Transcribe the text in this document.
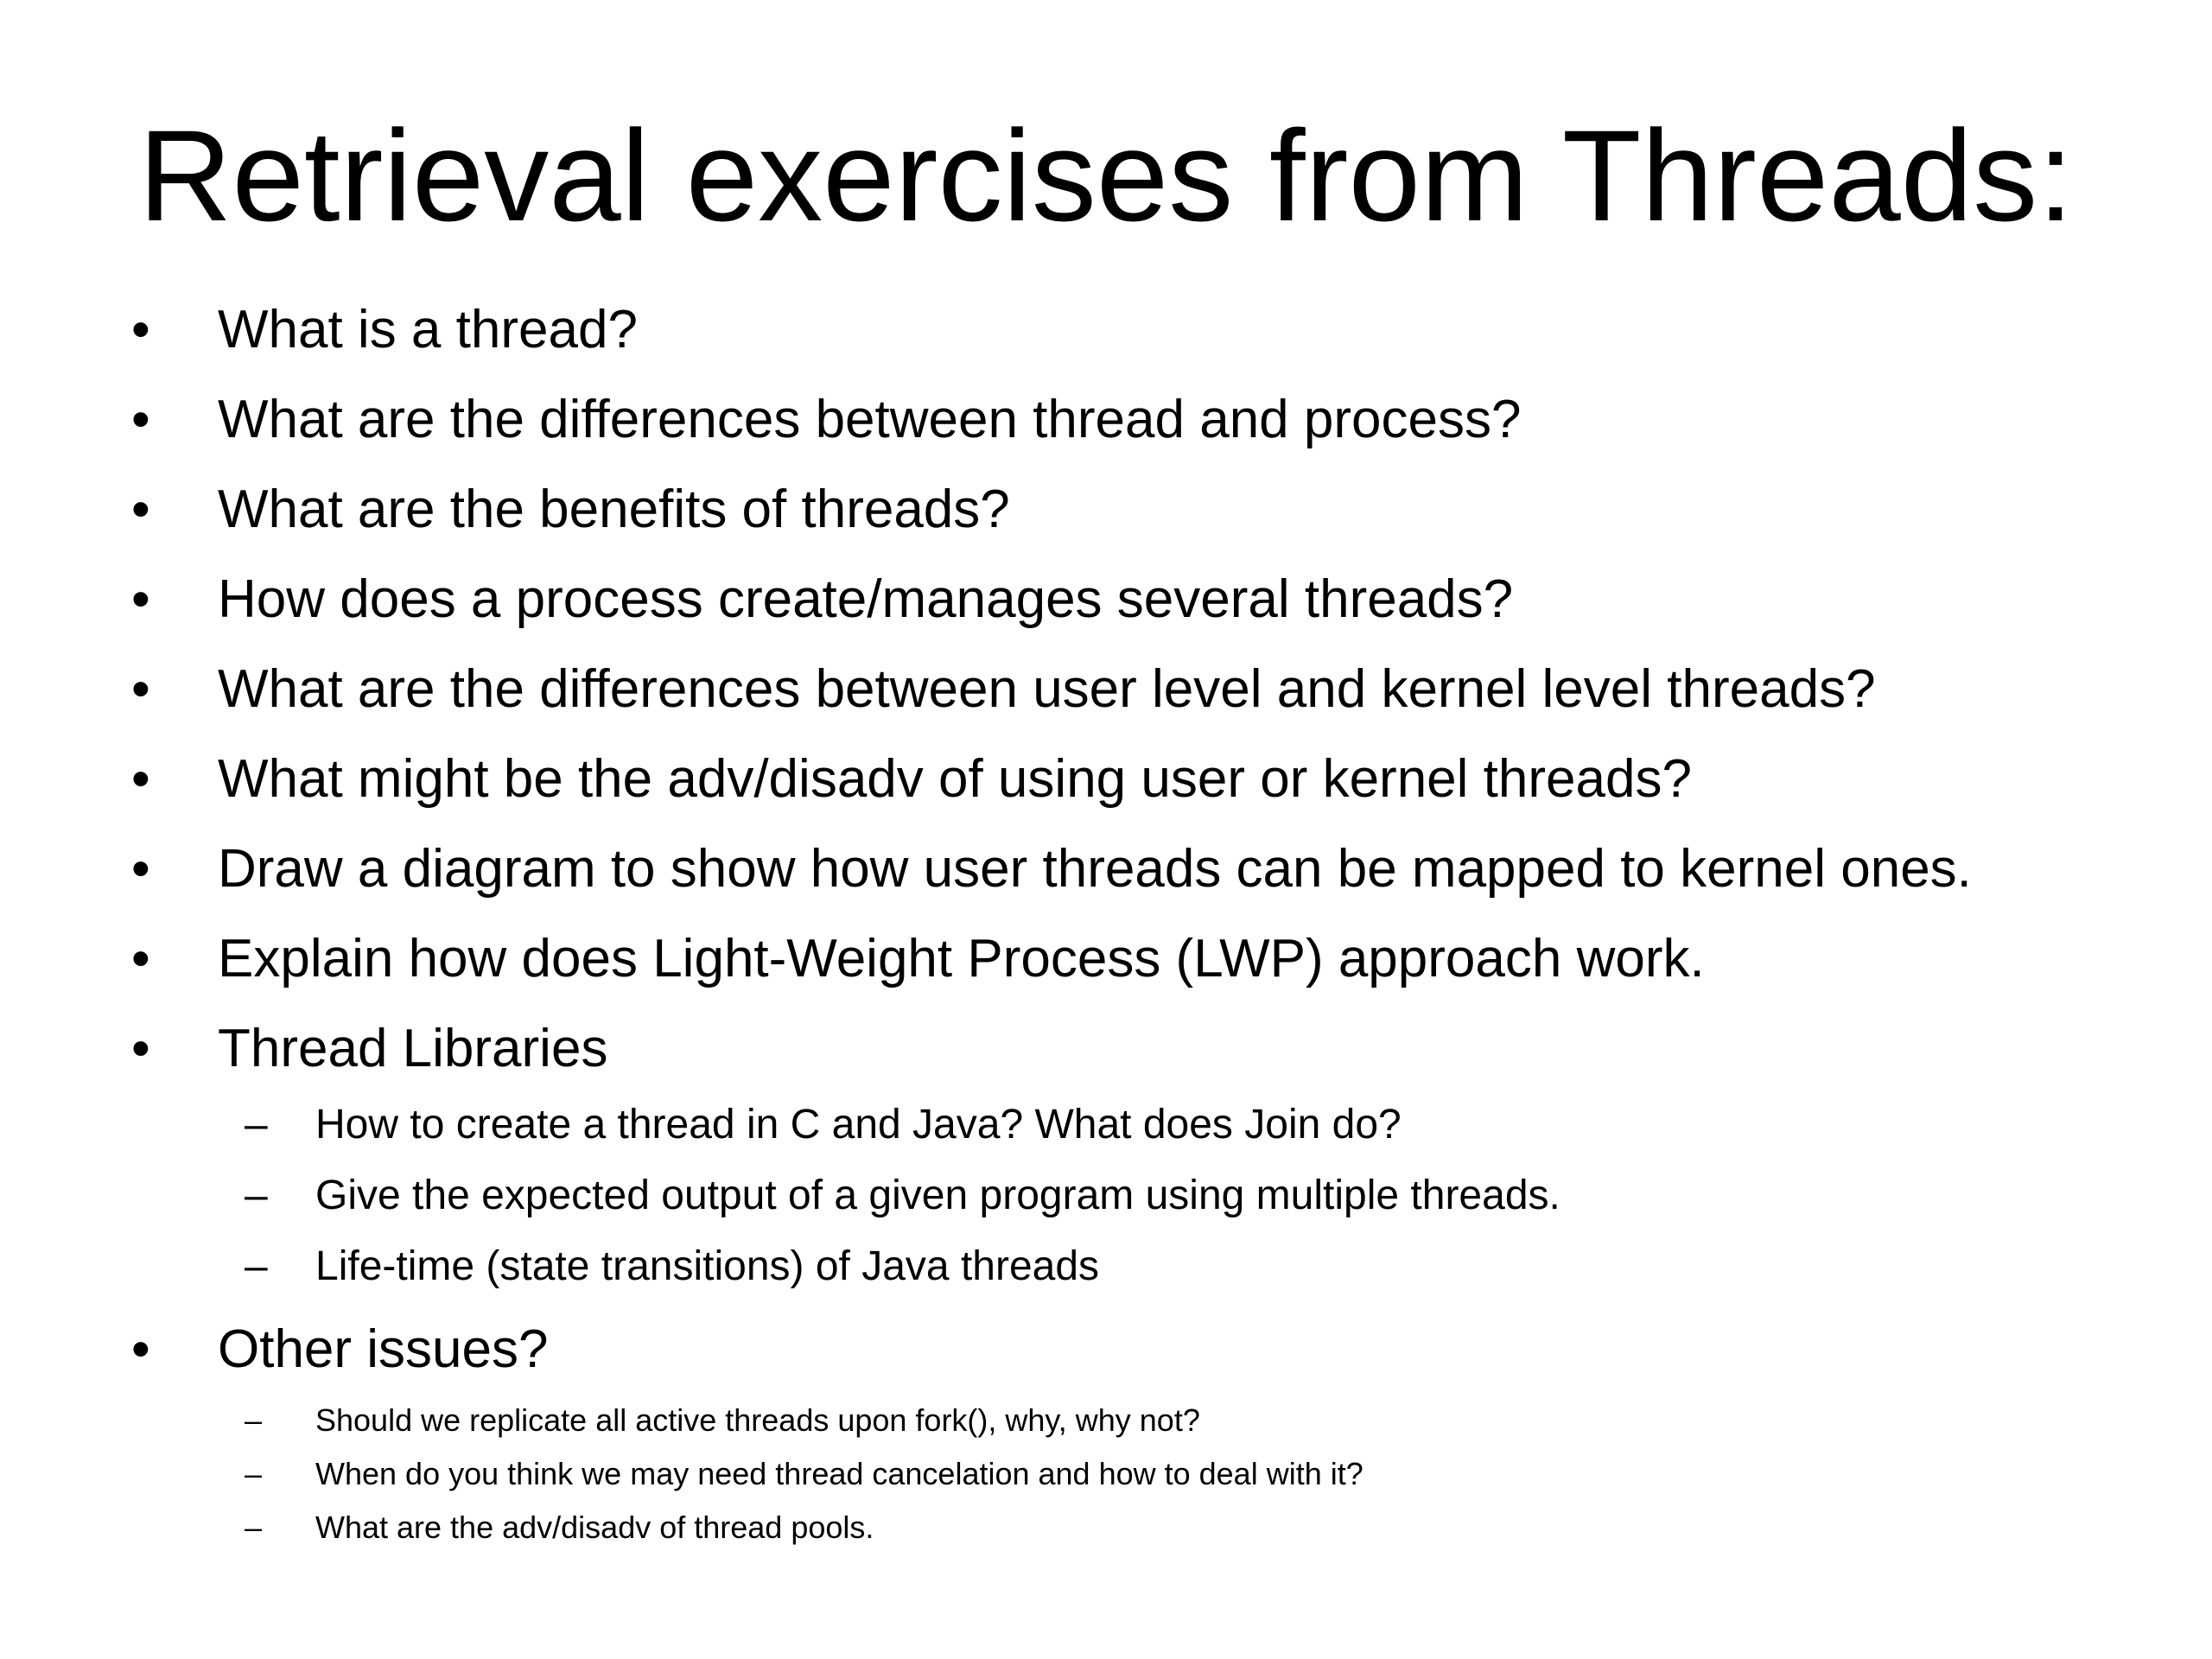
Retrieval exercises from Threads:
• What is a thread?
• What are the differences between thread and process?
• What are the benefits of threads?
• How does a process create/manages several threads?
• What are the differences between user level and kernel level threads?
• What might be the adv/disadv of using user or kernel threads?
• Draw a diagram to show how user threads can be mapped to kernel ones.
• Explain how does Light-Weight Process (LWP) approach work.
• Thread Libraries
– How to create a thread in C and Java? What does Join do?
– Give the expected output of a given program using multiple threads.
– Life-time (state transitions) of Java threads
• Other issues?
– Should we replicate all active threads upon fork(), why, why not?
– When do you think we may need thread cancelation and how to deal with it?
– What are the adv/disadv of thread pools.
